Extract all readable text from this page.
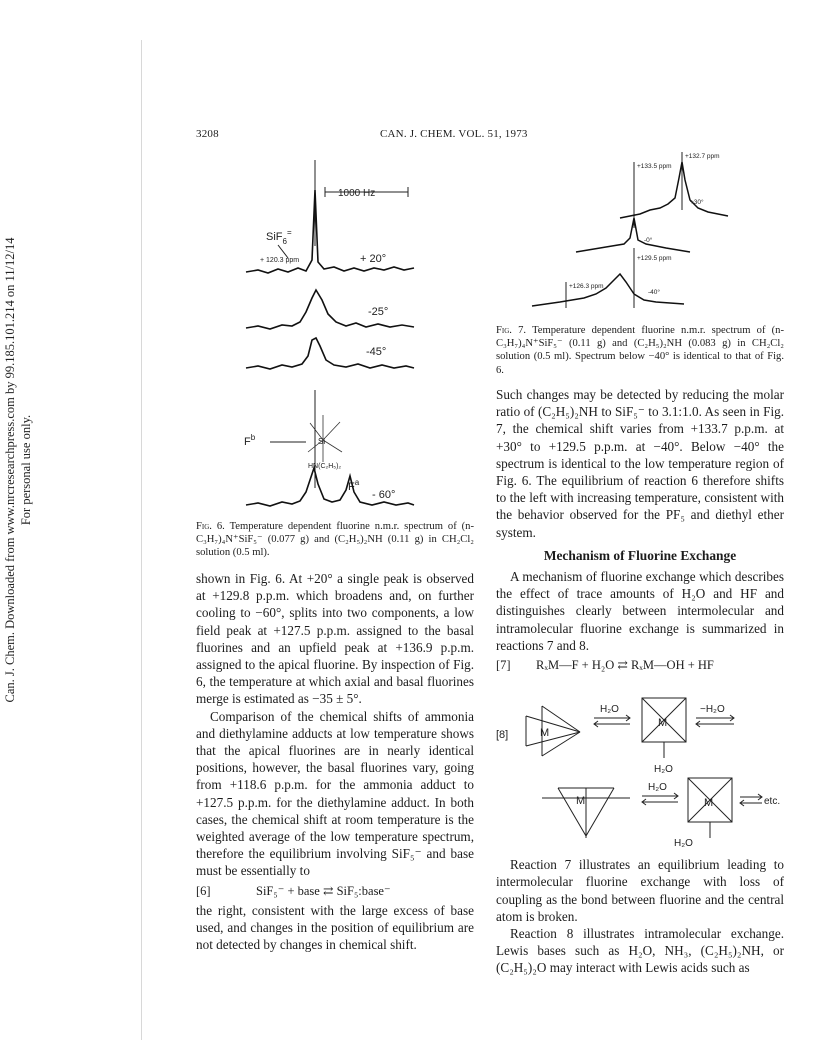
Can. J. Chem. Downloaded from www.nrcresearchpress.com by 99.185.101.214 on 11/12/14 For personal use only.
3208	CAN. J. CHEM. VOL. 51, 1973
1000 Hz
SiF$_6$=
+ 120.3 ppm	+ 20°
-25°
-45°
$F^b$	Si
HN(C₂H₅)₂
$F^a$
- 60°
Fig. 6. Temperature dependent fluorine n.m.r. spectrum of (n-C₃H₇)₄N⁺SiF₅⁻ (0.077 g) and (C₂H₅)₂NH (0.11 g) in CH₂Cl₂ solution (0.5 ml).
+132.7 ppm
+133.5 ppm
+30°
-0°
+129.5 ppm
+126.3 ppm
-40°
Fig. 7. Temperature dependent fluorine n.m.r. spectrum of (n-C₃H₇)₄N⁺SiF₅⁻ (0.11 g) and (C₂H₅)₂NH (0.083 g) in CH₂Cl₂ solution (0.5 ml). Spectrum below −40° is identical to that of Fig. 6.

shown in Fig. 6. At +20° a single peak is observed at +129.8 p.p.m. which broadens and, on further cooling to −60°, splits into two components, a low field peak at +127.5 p.p.m. assigned to the basal fluorines and an upfield peak at +136.9 p.p.m. assigned to the apical fluorine. By inspection of Fig. 6, the temperature at which axial and basal fluorines merge is estimated as −35 ± 5°.

Comparison of the chemical shifts of ammonia and diethylamine adducts at low temperature shows that the apical fluorines are in nearly identical positions, however, the basal fluorines vary, going from +118.6 p.p.m. for the ammonia adduct to +127.5 p.p.m. for the diethylamine adduct. In both cases, the chemical shift at room temperature is the weighted average of the low temperature spectrum, therefore the equilibrium involving SiF₅⁻ and base must be essentially to

[6]	SiF₅⁻ + base ⇄ SiF₅:base⁻

the right, consistent with the large excess of base used, and changes in the position of equilibrium are not detected by changes in chemical shift.

Such changes may be detected by reducing the molar ratio of (C₂H₅)₂NH to SiF₅⁻ to 3.1:1.0. As seen in Fig. 7, the chemical shift varies from +133.7 p.p.m. at +30° to +129.5 p.p.m. at −40°. Below −40° the spectrum is identical to the low temperature region of Fig. 6. The equilibrium of reaction 6 therefore shifts to the left with increasing temperature, consistent with the behavior observed for the PF₅ and diethyl ether system.

Mechanism of Fluorine Exchange

A mechanism of fluorine exchange which describes the effect of trace amounts of H₂O and HF and distinguishes clearly between intermolecular and intramolecular fluorine exchange is summarized in reactions 7 and 8.

[7] RₓM—F + H₂O ⇄ RₓM—OH + HF
[8]	M
H₂O
M
H₂O
−H₂O
M
H₂O
M
H₂O
etc.

Reaction 7 illustrates an equilibrium leading to intermolecular fluorine exchange with loss of coupling as the bond between fluorine and the central atom is broken.

Reaction 8 illustrates intramolecular exchange. Lewis bases such as H₂O, NH₃, (C₂H₅)₂NH, or (C₂H₅)₂O may interact with Lewis acids such as
